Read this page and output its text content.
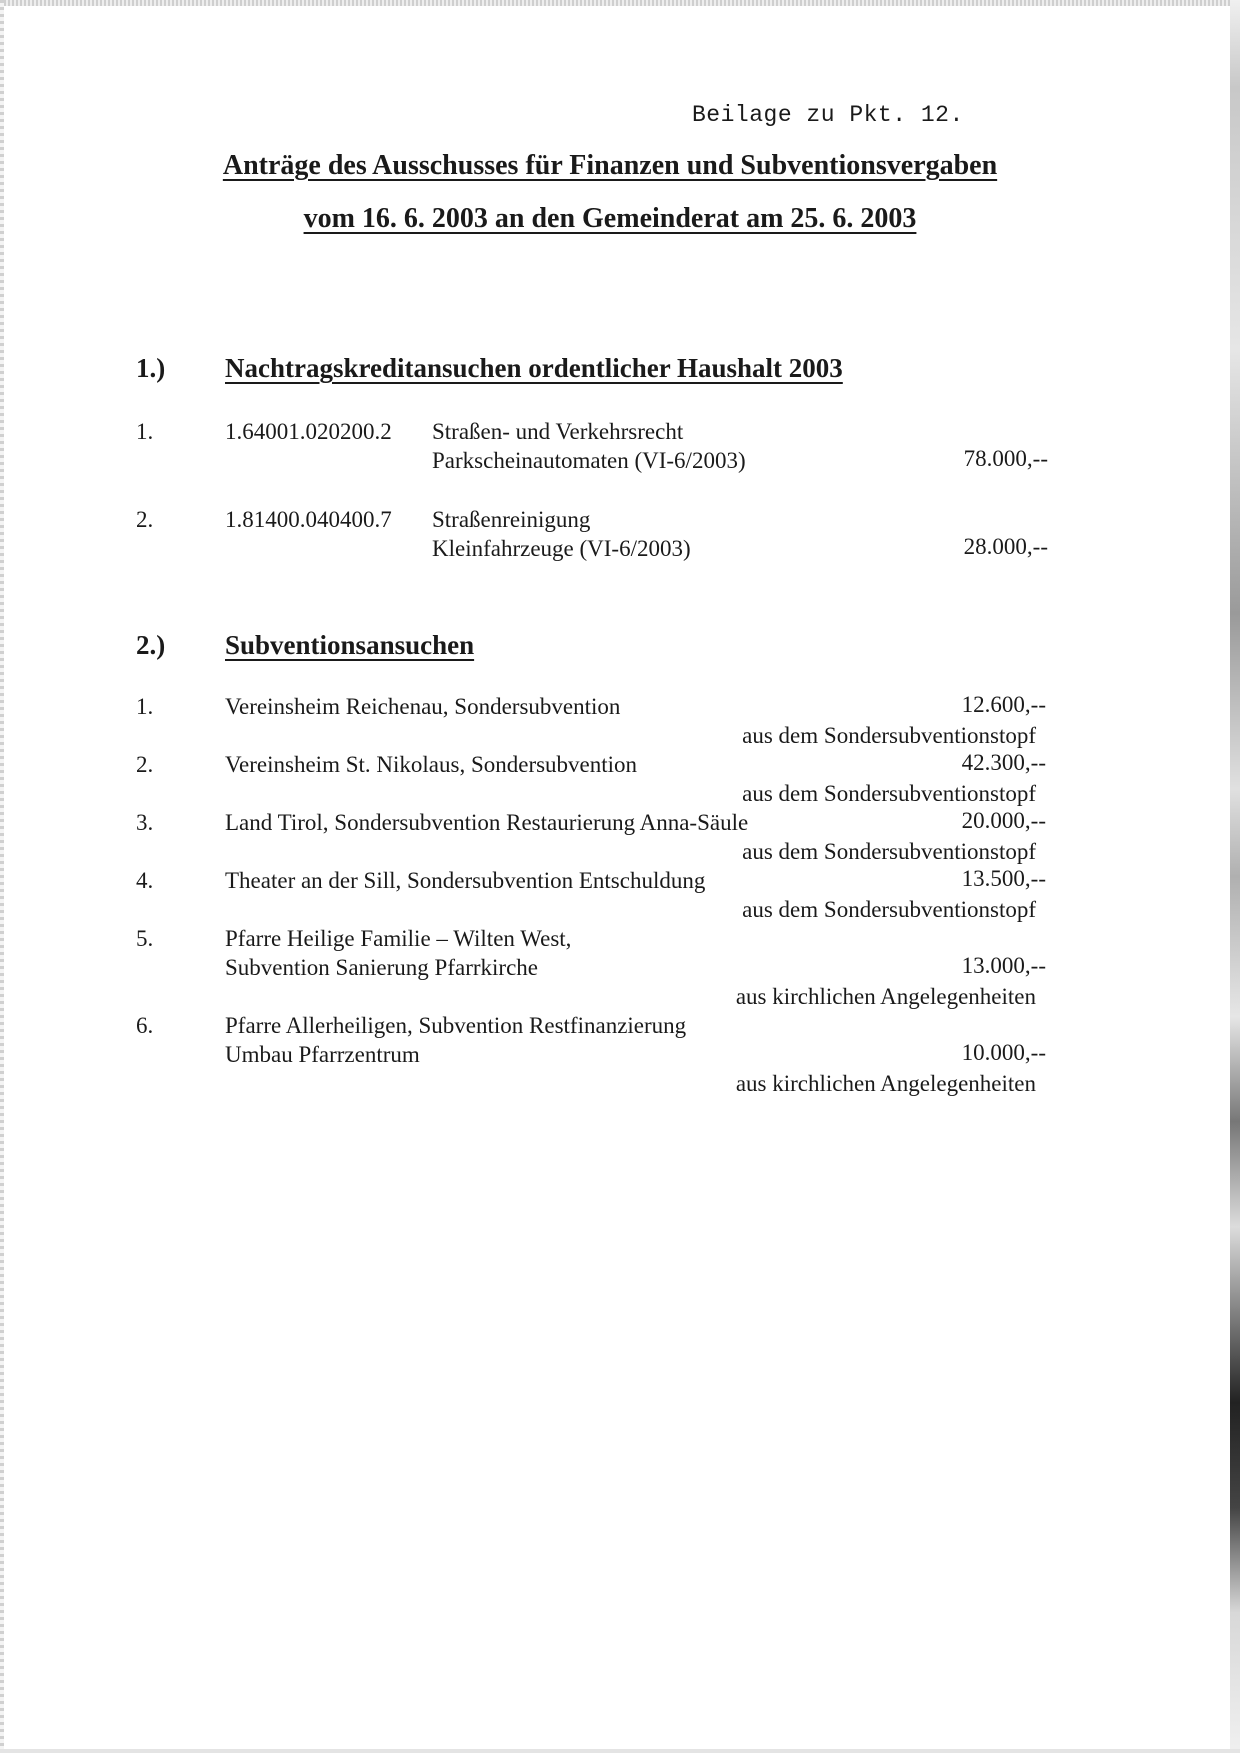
Beilage zu Pkt. 12.
Anträge des Ausschusses für Finanzen und Subventionsvergaben
vom 16. 6. 2003 an den Gemeinderat am 25. 6. 2003
1.) Nachtragskreditansuchen ordentlicher Haushalt 2003
1.	1.64001.020200.2 Straßen- und Verkehrsrecht
Parkscheinautomaten (VI-6/2003)	78.000,--
2.	1.81400.040400.7 Straßenreinigung
Kleinfahrzeuge (VI-6/2003)	28.000,--
2.) Subventionsansuchen
1.	Vereinsheim Reichenau, Sondersubvention	12.600,--
aus dem Sondersubventionstopf
2.	Vereinsheim St. Nikolaus, Sondersubvention	42.300,--
aus dem Sondersubventionstopf
3.	Land Tirol, Sondersubvention Restaurierung Anna-Säule	20.000,--
aus dem Sondersubventionstopf
4.	Theater an der Sill, Sondersubvention Entschuldung	13.500,--
aus dem Sondersubventionstopf
5.	Pfarre Heilige Familie – Wilten West,
Subvention Sanierung Pfarrkirche	13.000,--
aus kirchlichen Angelegenheiten
6.	Pfarre Allerheiligen, Subvention Restfinanzierung
Umbau Pfarrzentrum	10.000,--
aus kirchlichen Angelegenheiten
